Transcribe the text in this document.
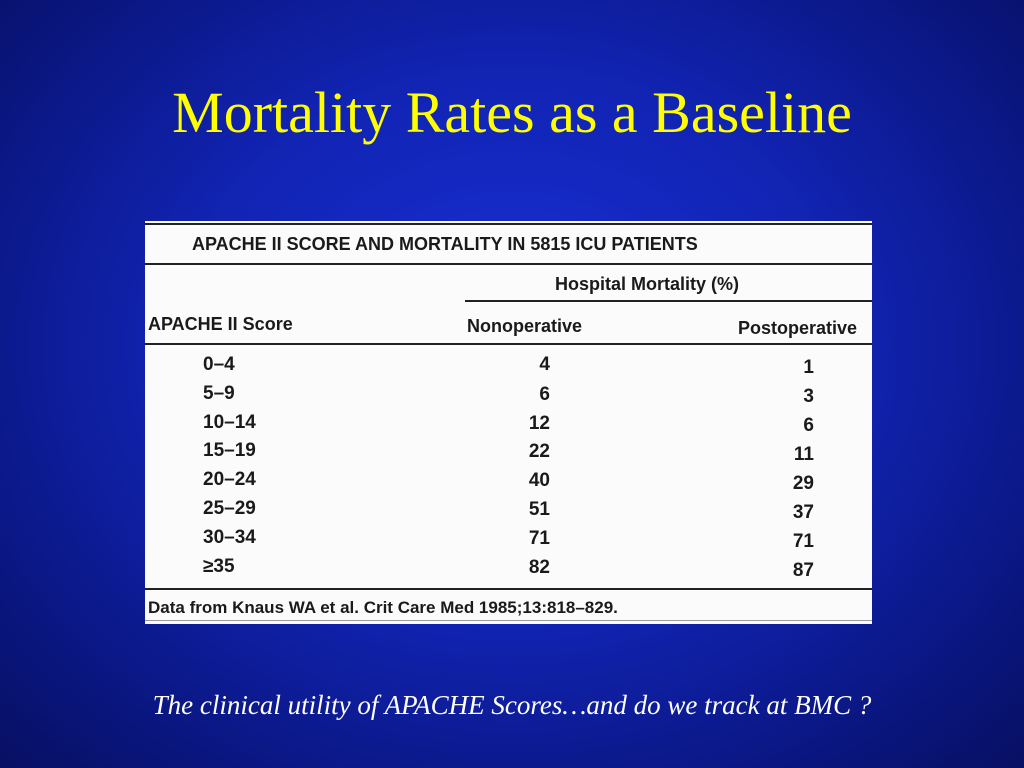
Mortality Rates as a Baseline
APACHE II SCORE AND MORTALITY IN 5815 ICU PATIENTS
Hospital Mortality (%)
APACHE II Score	Nonoperative	Postoperative
0–4	4	1
5–9	6	3
10–14	12	6
15–19	22	11
20–24	40	29
25–29	51	37
30–34	71	71
≥35	82	87
Data from Knaus WA et al. Crit Care Med 1985;13:818–829.
The clinical utility of APACHE Scores…and do we track at BMC ?
